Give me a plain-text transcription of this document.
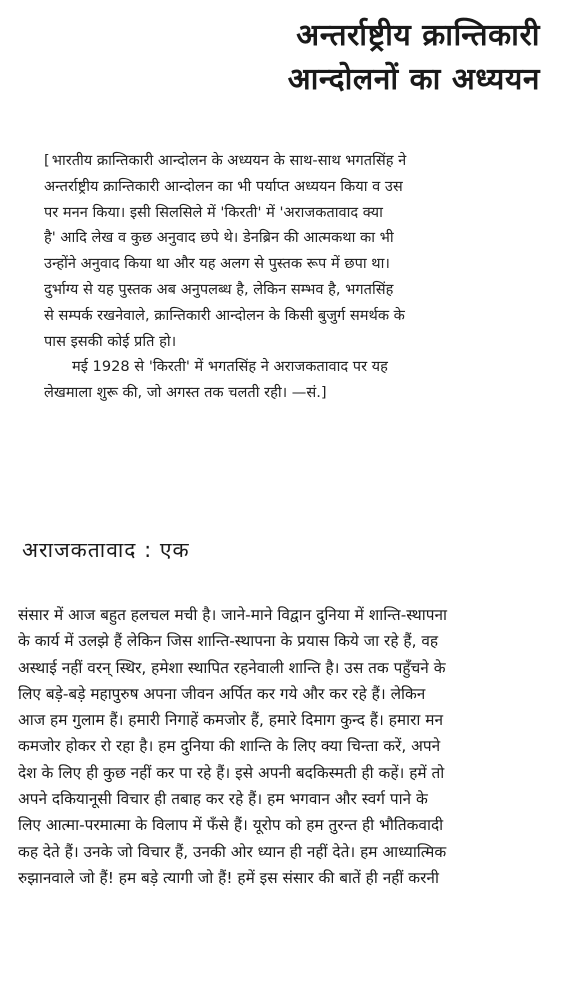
अन्तर्राष्ट्रीय क्रान्तिकारी
आन्दोलनों का अध्ययन
[ भारतीय क्रान्तिकारी आन्दोलन के अध्ययन के साथ-साथ भगतसिंह ने
अन्तर्राष्ट्रीय क्रान्तिकारी आन्दोलन का भी पर्याप्त अध्ययन किया व उस
पर मनन किया। इसी सिलसिले में 'किरती' में 'अराजकतावाद क्या
है' आदि लेख व कुछ अनुवाद छपे थे। डेनब्रिन की आत्मकथा का भी
उन्होंने अनुवाद किया था और यह अलग से पुस्तक रूप में छपा था।
दुर्भाग्य से यह पुस्तक अब अनुपलब्ध है, लेकिन सम्भव है, भगतसिंह
से सम्पर्क रखनेवाले, क्रान्तिकारी आन्दोलन के किसी बुजुर्ग समर्थक के
पास इसकी कोई प्रति हो।
मई 1928 से 'किरती' में भगतसिंह ने अराजकतावाद पर यह
लेखमाला शुरू की, जो अगस्त तक चलती रही। —सं.]
अराजकतावाद : एक
संसार में आज बहुत हलचल मची है। जाने-माने विद्वान दुनिया में शान्ति-स्थापना
के कार्य में उलझे हैं लेकिन जिस शान्ति-स्थापना के प्रयास किये जा रहे हैं, वह
अस्थाई नहीं वरन् स्थिर, हमेशा स्थापित रहनेवाली शान्ति है। उस तक पहुँचने के
लिए बड़े-बड़े महापुरुष अपना जीवन अर्पित कर गये और कर रहे हैं। लेकिन
आज हम गुलाम हैं। हमारी निगाहें कमजोर हैं, हमारे दिमाग कुन्द हैं। हमारा मन
कमजोर होकर रो रहा है। हम दुनिया की शान्ति के लिए क्या चिन्ता करें, अपने
देश के लिए ही कुछ नहीं कर पा रहे हैं। इसे अपनी बदकिस्मती ही कहें। हमें तो
अपने दकियानूसी विचार ही तबाह कर रहे हैं। हम भगवान और स्वर्ग पाने के
लिए आत्मा-परमात्मा के विलाप में फँसे हैं। यूरोप को हम तुरन्त ही भौतिकवादी
कह देते हैं। उनके जो विचार हैं, उनकी ओर ध्यान ही नहीं देते। हम आध्यात्मिक
रुझानवाले जो हैं! हम बड़े त्यागी जो हैं! हमें इस संसार की बातें ही नहीं करनी
